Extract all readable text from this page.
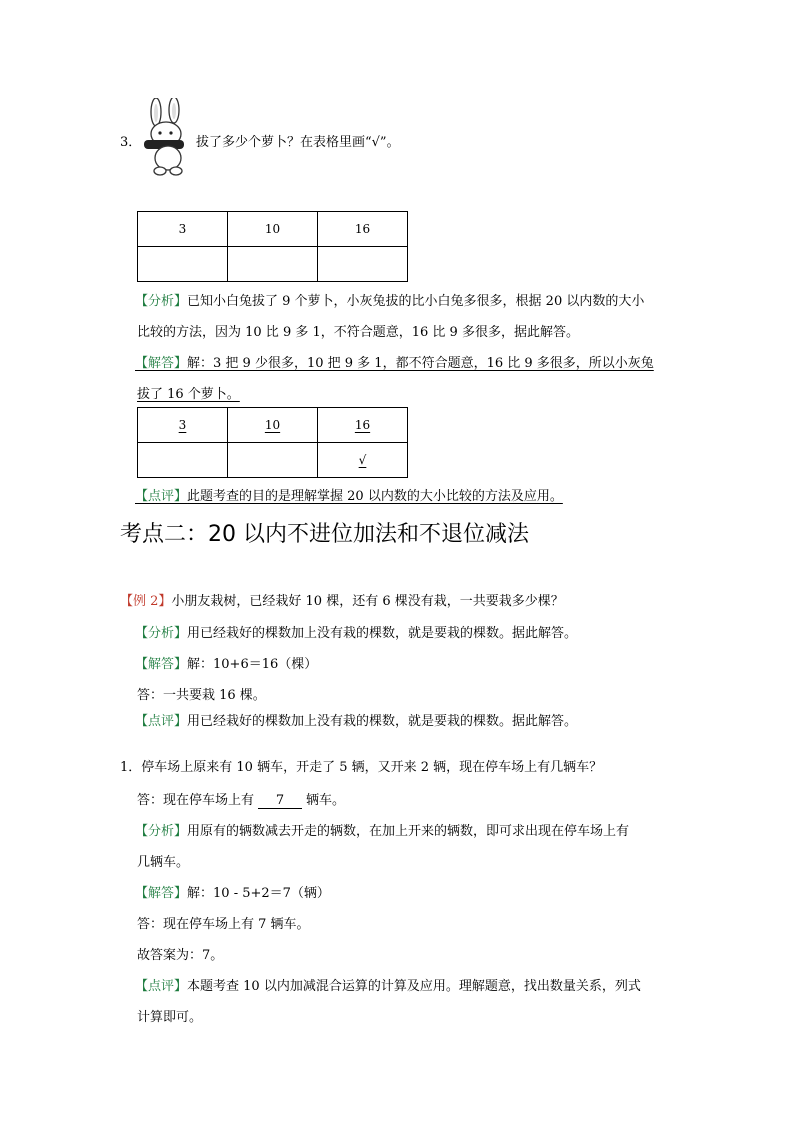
3．	拔了多少个萝卜？在表格里画“√”。
3	10	16

【分析】已知小白兔拔了 9 个萝卜，小灰兔拔的比小白兔多很多，根据 20 以内数的大小
比较的方法，因为 10 比 9 多 1，不符合题意，16 比 9 多很多，据此解答。
【解答】解：3 把 9 少很多，10 把 9 多 1，都不符合题意，16 比 9 多很多，所以小灰兔
拔了 16 个萝卜。
3	10	16
		√
【点评】此题考查的目的是理解掌握 20 以内数的大小比较的方法及应用。
考点二：20 以内不进位加法和不退位减法
【例 2】小朋友栽树，已经栽好 10 棵，还有 6 棵没有栽，一共要栽多少棵？
【分析】用已经栽好的棵数加上没有栽的棵数，就是要栽的棵数。据此解答。
【解答】解：10+6＝16（棵）
答：一共要栽 16 棵。
【点评】用已经栽好的棵数加上没有栽的棵数，就是要栽的棵数。据此解答。
1．停车场上原来有 10 辆车，开走了 5 辆，又开来 2 辆，现在停车场上有几辆车？
答：现在停车场上有 7 辆车。
【分析】用原有的辆数减去开走的辆数，在加上开来的辆数，即可求出现在停车场上有
几辆车。
【解答】解：10 - 5+2＝7（辆）
答：现在停车场上有 7 辆车。
故答案为：7。
【点评】本题考查 10 以内加减混合运算的计算及应用。理解题意，找出数量关系，列式
计算即可。
